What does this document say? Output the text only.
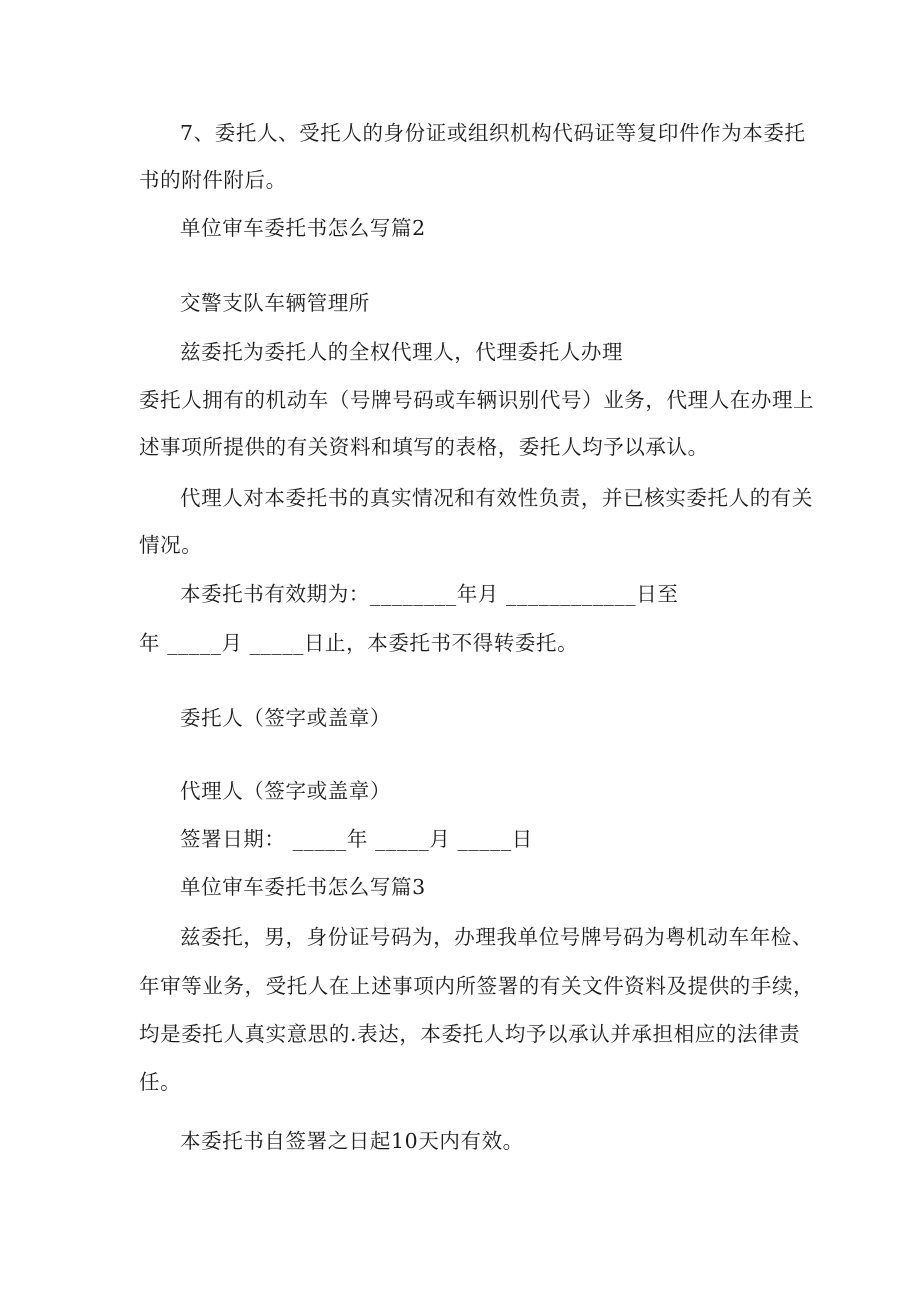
7、委托人、受托人的身份证或组织机构代码证等复印件作为本委托
书的附件附后。
单位审车委托书怎么写篇2
交警支队车辆管理所
兹委托为委托人的全权代理人，代理委托人办理
委托人拥有的机动车（号牌号码或车辆识别代号）业务，代理人在办理上
述事项所提供的有关资料和填写的表格，委托人均予以承认。
代理人对本委托书的真实情况和有效性负责，并已核实委托人的有关
情况。
本委托书有效期为：________年月 ____________日至
年 _____月 _____日止，本委托书不得转委托。
委托人（签字或盖章）
代理人（签字或盖章）
签署日期： _____年 _____月 _____日
单位审车委托书怎么写篇3
兹委托，男，身份证号码为，办理我单位号牌号码为粤机动车年检、
年审等业务，受托人在上述事项内所签署的有关文件资料及提供的手续，
均是委托人真实意思的.表达，本委托人均予以承认并承担相应的法律责
任。
本委托书自签署之日起10天内有效。
